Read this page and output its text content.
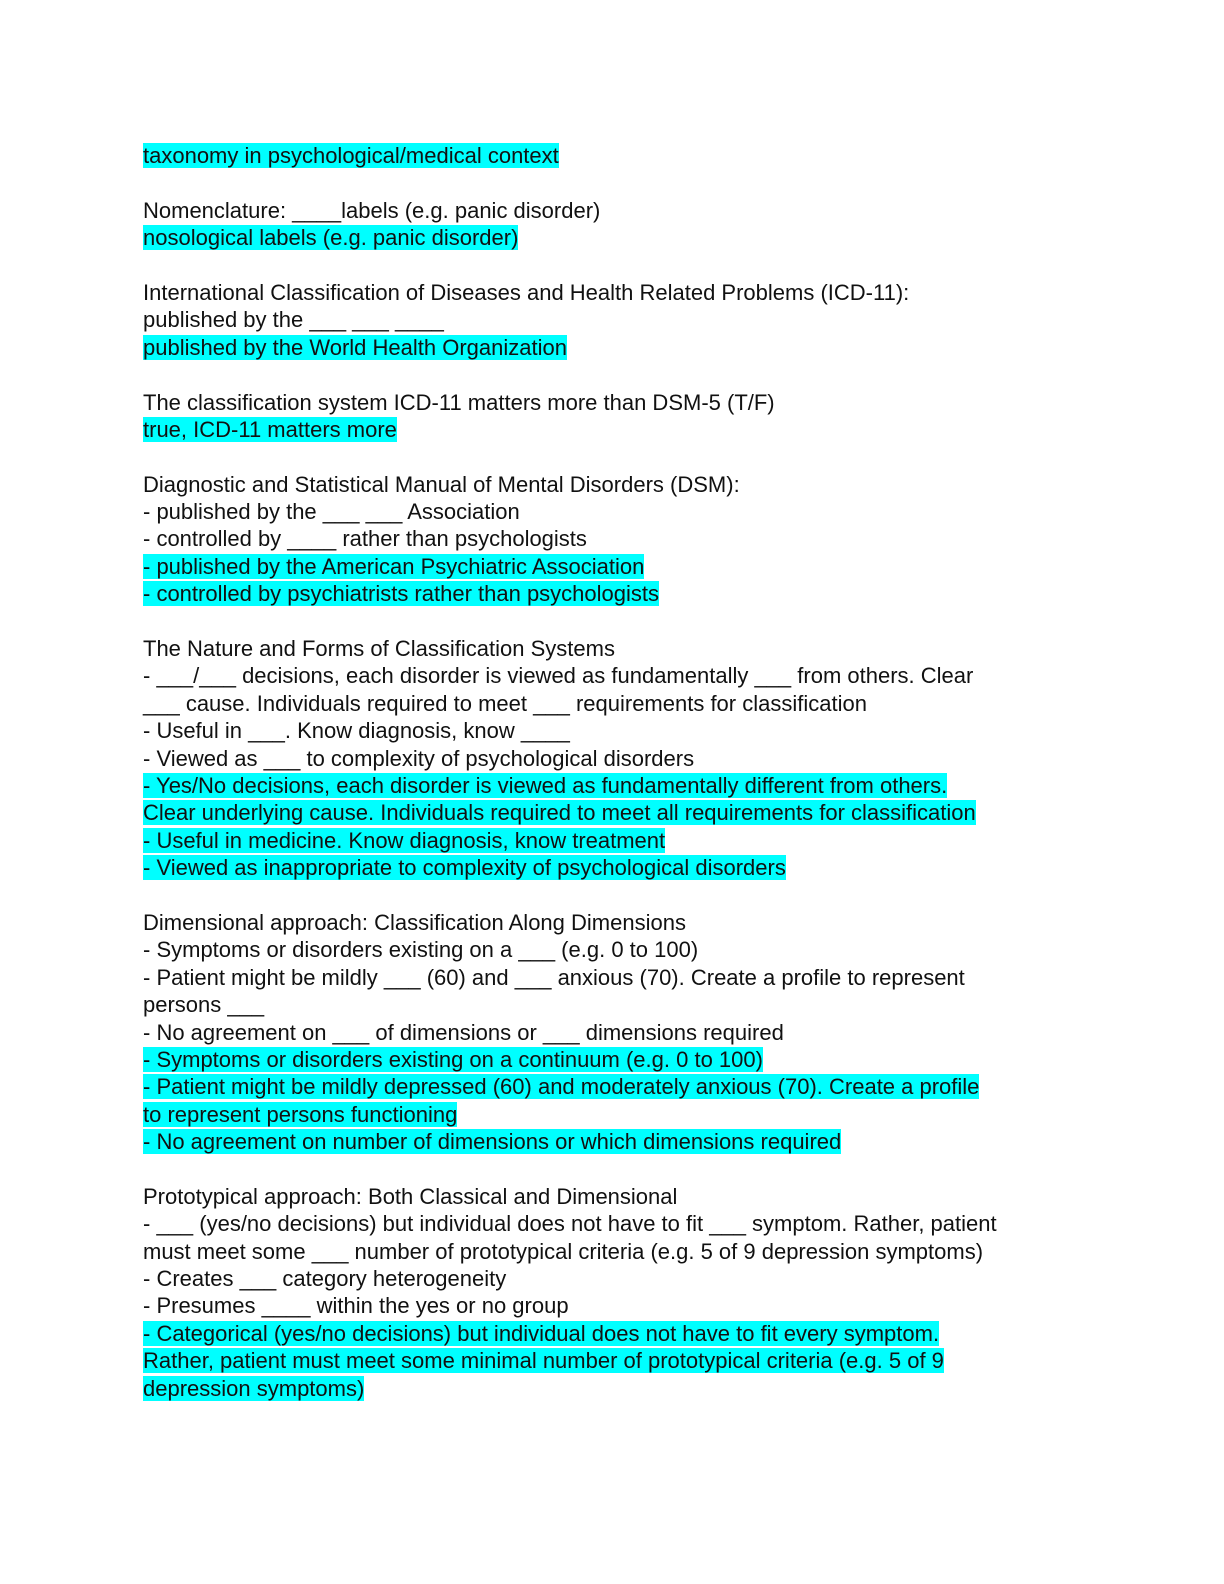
taxonomy in psychological/medical context
Nomenclature: ____labels (e.g. panic disorder)
nosological labels (e.g. panic disorder)
International Classification of Diseases and Health Related Problems (ICD-11):
published by the ___ ___ ____
published by the World Health Organization
The classification system ICD-11 matters more than DSM-5 (T/F)
true, ICD-11 matters more
Diagnostic and Statistical Manual of Mental Disorders (DSM):
- published by the ___ ___ Association
- controlled by ____ rather than psychologists
- published by the American Psychiatric Association
- controlled by psychiatrists rather than psychologists
The Nature and Forms of Classification Systems
- ___/___ decisions, each disorder is viewed as fundamentally ___ from others. Clear
___ cause. Individuals required to meet ___ requirements for classification
- Useful in ___. Know diagnosis, know ____
- Viewed as ___ to complexity of psychological disorders
- Yes/No decisions, each disorder is viewed as fundamentally different from others.
Clear underlying cause. Individuals required to meet all requirements for classification
- Useful in medicine. Know diagnosis, know treatment
- Viewed as inappropriate to complexity of psychological disorders
Dimensional approach: Classification Along Dimensions
- Symptoms or disorders existing on a ___ (e.g. 0 to 100)
- Patient might be mildly ___ (60) and ___ anxious (70). Create a profile to represent
persons ___
- No agreement on ___ of dimensions or ___ dimensions required
- Symptoms or disorders existing on a continuum (e.g. 0 to 100)
- Patient might be mildly depressed (60) and moderately anxious (70). Create a profile
to represent persons functioning
- No agreement on number of dimensions or which dimensions required
Prototypical approach: Both Classical and Dimensional
- ___ (yes/no decisions) but individual does not have to fit ___ symptom. Rather, patient
must meet some ___ number of prototypical criteria (e.g. 5 of 9 depression symptoms)
- Creates ___ category heterogeneity
- Presumes ____ within the yes or no group
- Categorical (yes/no decisions) but individual does not have to fit every symptom.
Rather, patient must meet some minimal number of prototypical criteria (e.g. 5 of 9
depression symptoms)
